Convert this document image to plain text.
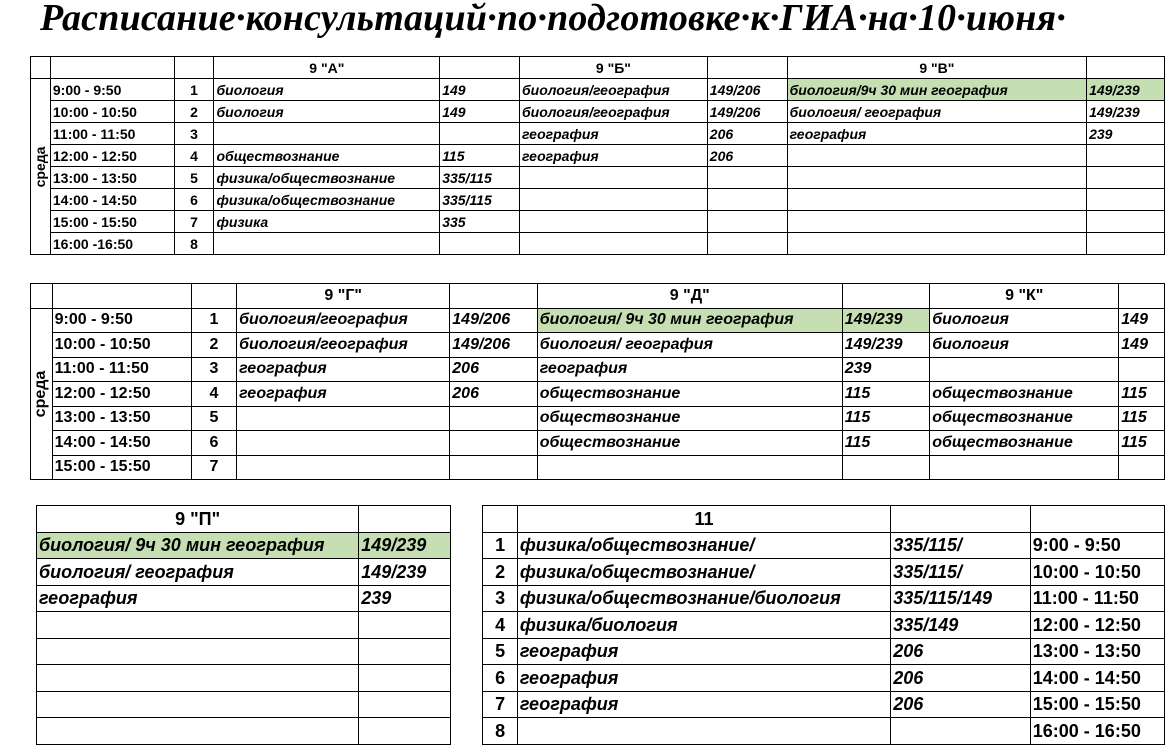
Расписание·консультаций·по·подготовке·к·ГИА·на·10·июня·
			9 "А"		9 "Б"		9 "В"	

среда	9:00 - 9:50	1	биология	149	биология/география	149/206	биология/9ч 30 мин география	149/239
	10:00 - 10:50	2	биология	149	биология/география	149/206	биология/ география	149/239
	11:00 - 11:50	3			география	206	география	239
	12:00 - 12:50	4	обществознание	115	география	206		
	13:00 - 13:50	5	физика/обществознание	335/115				
	14:00 - 14:50	6	физика/обществознание	335/115				
	15:00 - 15:50	7	физика	335				
	16:00 -16:50	8						
			9 "Г"		9 "Д"		9 "К"	

среда	9:00 - 9:50	1	биология/география	149/206	биология/ 9ч 30 мин география	149/239	биология	149
	10:00 - 10:50	2	биология/география	149/206	биология/ география	149/239	биология	149
	11:00 - 11:50	3	география	206	география	239		
	12:00 - 12:50	4	география	206	обществознание	115	обществознание	115
	13:00 - 13:50	5			обществознание	115	обществознание	115
	14:00 - 14:50	6			обществознание	115	обществознание	115
	15:00 - 15:50	7						
9 "П"				11		
биология/ 9ч 30 мин география	149/239		1	физика/обществознание/	335/115/	9:00 - 9:50
биология/ география	149/239		2	физика/обществознание/	335/115/	10:00 - 10:50
география	239		3	физика/обществознание/биология	335/115/149	11:00 - 11:50
			4	физика/биология	335/149	12:00 - 12:50
			5	география	206	13:00 - 13:50
			6	география	206	14:00 - 14:50
			7	география	206	15:00 - 15:50
			8			16:00 - 16:50
